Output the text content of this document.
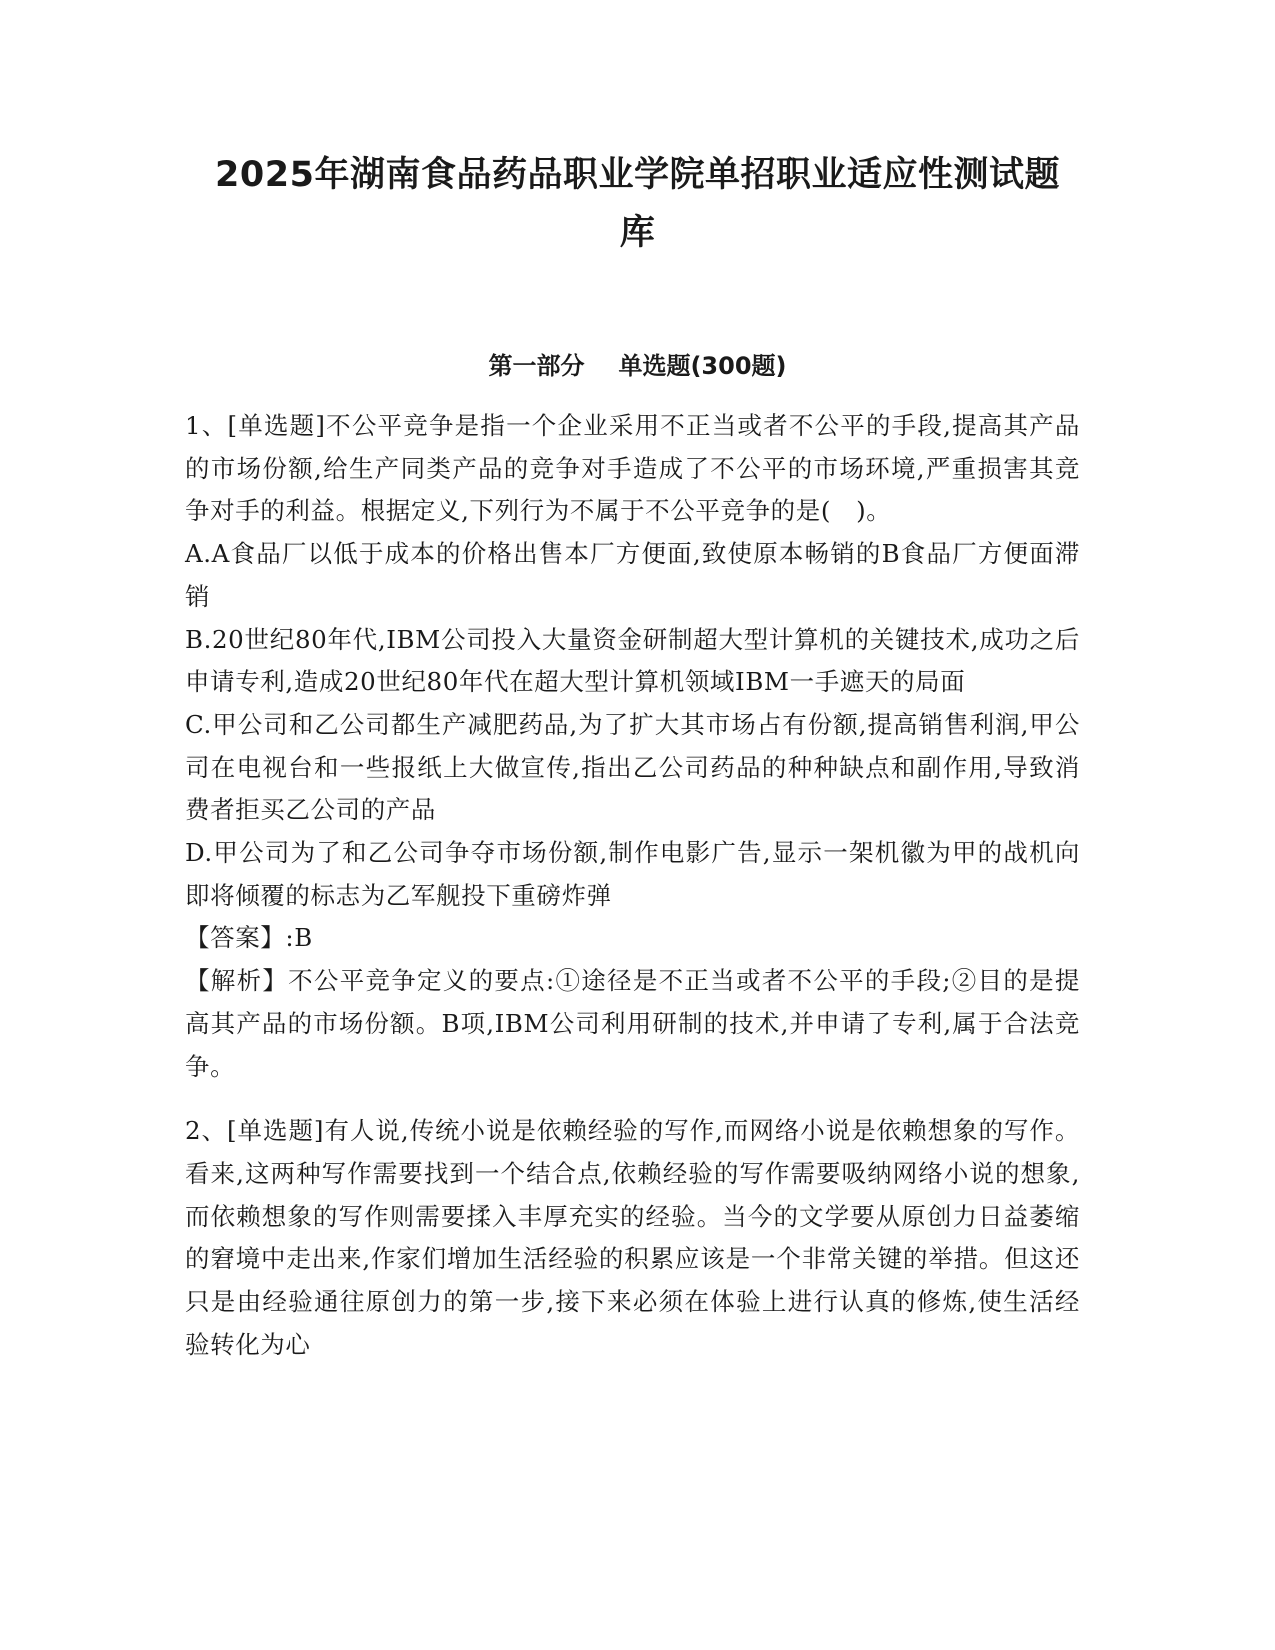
2025年湖南食品药品职业学院单招职业适应性测试题
库
第一部分 单选题(300题)

1、[单选题]不公平竞争是指一个企业采用不正当或者不公平的手段,提高其产品的市场份额,给生产同类产品的竞争对手造成了不公平的市场环境,严重损害其竞争对手的利益。根据定义,下列行为不属于不公平竞争的是(　)。

A.A食品厂以低于成本的价格出售本厂方便面,致使原本畅销的B食品厂方便面滞销

B.20世纪80年代,IBM公司投入大量资金研制超大型计算机的关键技术,成功之后申请专利,造成20世纪80年代在超大型计算机领域IBM一手遮天的局面

C.甲公司和乙公司都生产减肥药品,为了扩大其市场占有份额,提高销售利润,甲公司在电视台和一些报纸上大做宣传,指出乙公司药品的种种缺点和副作用,导致消费者拒买乙公司的产品

D.甲公司为了和乙公司争夺市场份额,制作电影广告,显示一架机徽为甲的战机向即将倾覆的标志为乙军舰投下重磅炸弹

【答案】:B

【解析】不公平竞争定义的要点:①途径是不正当或者不公平的手段;②目的是提高其产品的市场份额。B项,IBM公司利用研制的技术,并申请了专利,属于合法竞争。

2、[单选题]有人说,传统小说是依赖经验的写作,而网络小说是依赖想象的写作。看来,这两种写作需要找到一个结合点,依赖经验的写作需要吸纳网络小说的想象,而依赖想象的写作则需要揉入丰厚充实的经验。当今的文学要从原创力日益萎缩的窘境中走出来,作家们增加生活经验的积累应该是一个非常关键的举措。但这还只是由经验通往原创力的第一步,接下来必须在体验上进行认真的修炼,使生活经验转化为心
